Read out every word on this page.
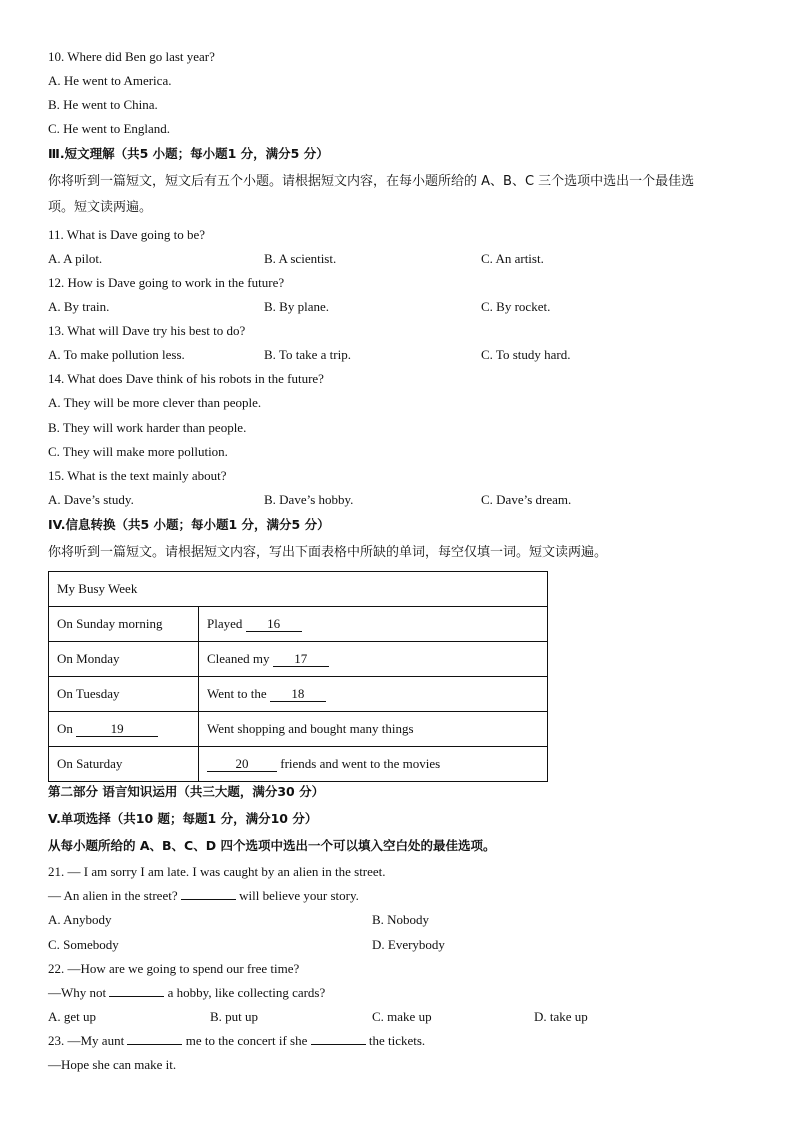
10. Where did Ben go last year?
A. He went to America.
B. He went to China.
C. He went to England.
Ⅲ.短文理解（共5 小题；每小题1 分，满分5 分）
你将听到一篇短文，短文后有五个小题。请根据短文内容，在每小题所给的 A、B、C 三个选项中选出一个最佳选
项。短文读两遍。
11. What is Dave going to be?
A. A pilot.	B. A scientist.	C. An artist.
12. How is Dave going to work in the future?
A. By train.	B. By plane.	C. By rocket.
13. What will Dave try his best to do?
A. To make pollution less.	B. To take a trip.	C. To study hard.
14. What does Dave think of his robots in the future?
A. They will be more clever than people.
B. They will work harder than people.
C. They will make more pollution.
15. What is the text mainly about?
A. Dave’s study.	B. Dave’s hobby.	C. Dave’s dream.
IV.信息转换（共5 小题；每小题1 分，满分5 分）
你将听到一篇短文。请根据短文内容，写出下面表格中所缺的单词，每空仅填一词。短文读两遍。
My Busy Week	
On Sunday morning	Played 16
On Monday	Cleaned my 17
On Tuesday	Went to the 18
On 19	Went shopping and bought many things
On Saturday	20 friends and went to the movies
第二部分 语言知识运用（共三大题，满分30 分）
V.单项选择（共10 题；每题1 分，满分10 分）
从每小题所给的 A、B、C、D 四个选项中选出一个可以填入空白处的最佳选项。
21. — I am sorry I am late. I was caught by an alien in the street.
— An alien in the street?	will believe your story.
A. Anybody	B. Nobody
C. Somebody	D. Everybody
22. —How are we going to spend our free time?
—Why not	a hobby, like collecting cards?
A. get up	B. put up	C. make up	D. take up
23. —My aunt	me to the concert if she	the tickets.
—Hope she can make it.
